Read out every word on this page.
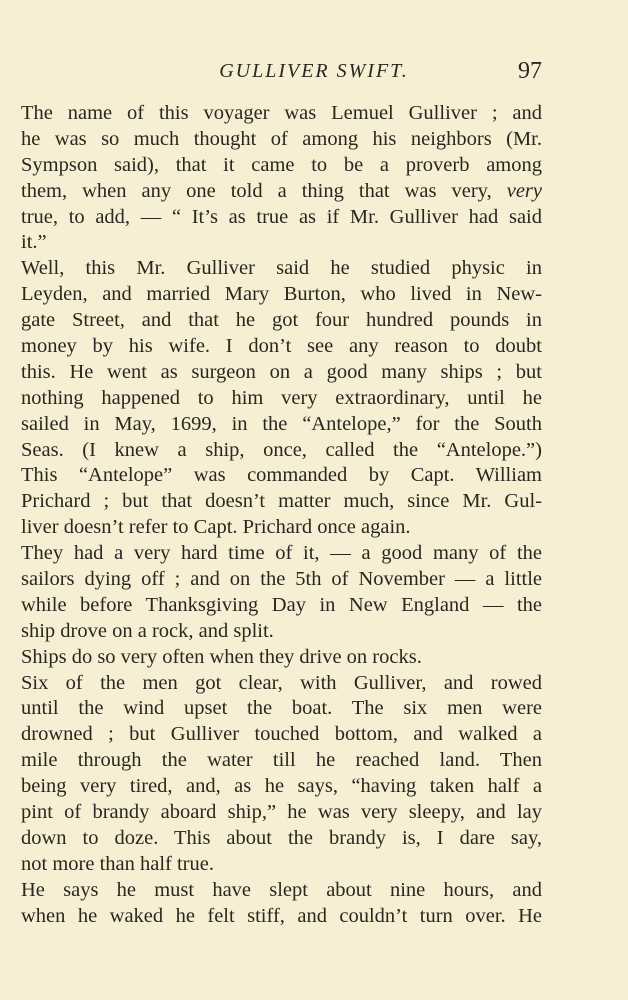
GULLIVER SWIFT.	97
The name of this voyager was Lemuel Gulliver ; and
he was so much thought of among his neighbors (Mr.
Sympson said), that it came to be a proverb among
them, when any one told a thing that was very, very
true, to add, — “ It’s as true as if Mr. Gulliver had said
it.”
Well, this Mr. Gulliver said he studied physic in
Leyden, and married Mary Burton, who lived in New-
gate Street, and that he got four hundred pounds in
money by his wife. I don’t see any reason to doubt
this. He went as surgeon on a good many ships ; but
nothing happened to him very extraordinary, until he
sailed in May, 1699, in the “Antelope,” for the South
Seas. (I knew a ship, once, called the “Antelope.”)
This “Antelope” was commanded by Capt. William
Prichard ; but that doesn’t matter much, since Mr. Gul-
liver doesn’t refer to Capt. Prichard once again.
They had a very hard time of it, — a good many of the
sailors dying off ; and on the 5th of November — a little
while before Thanksgiving Day in New England — the
ship drove on a rock, and split.
Ships do so very often when they drive on rocks.
Six of the men got clear, with Gulliver, and rowed
until the wind upset the boat. The six men were
drowned ; but Gulliver touched bottom, and walked a
mile through the water till he reached land. Then
being very tired, and, as he says, “having taken half a
pint of brandy aboard ship,” he was very sleepy, and lay
down to doze. This about the brandy is, I dare say,
not more than half true.
He says he must have slept about nine hours, and
when he waked he felt stiff, and couldn’t turn over. He
